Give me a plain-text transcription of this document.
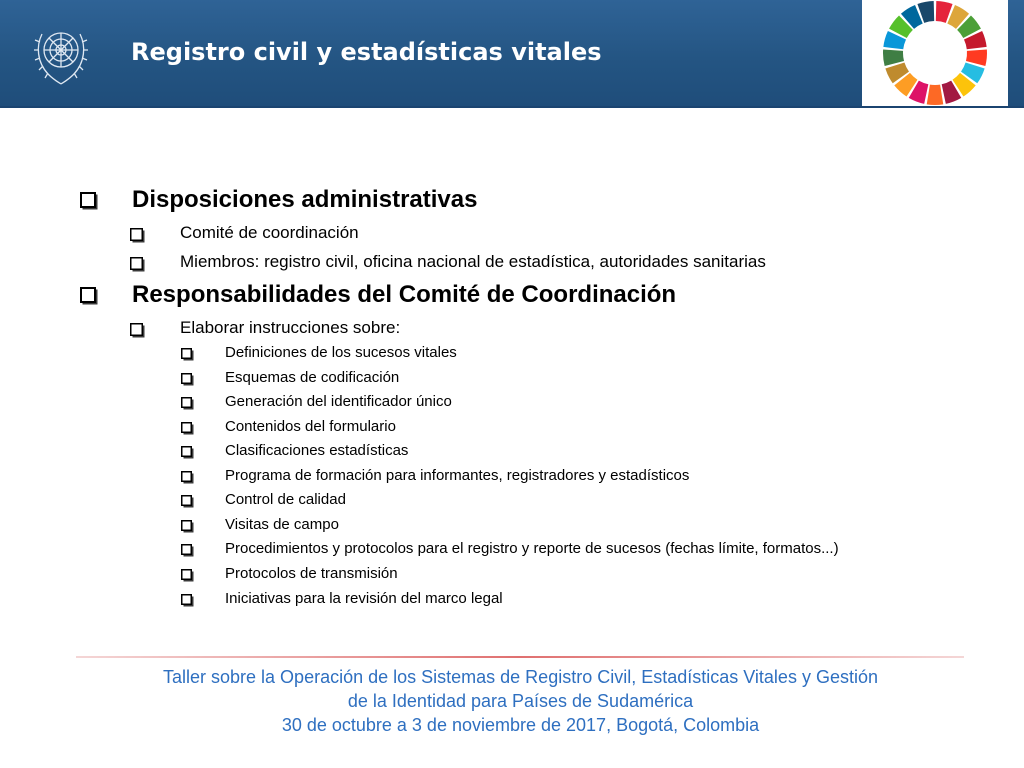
Registro civil y estadísticas vitales
Disposiciones administrativas
Comité de coordinación
Miembros: registro civil, oficina nacional de estadística, autoridades sanitarias
Responsabilidades del Comité de Coordinación
Elaborar instrucciones sobre:
Definiciones de los sucesos vitales
Esquemas de codificación
Generación del identificador único
Contenidos del formulario
Clasificaciones estadísticas
Programa de formación para informantes, registradores y estadísticos
Control de calidad
Visitas de campo
Procedimientos y protocolos para el registro y reporte de sucesos (fechas límite, formatos...)
Protocolos de transmisión
Iniciativas para la revisión del marco legal
Taller sobre la Operación de los Sistemas de Registro Civil, Estadísticas Vitales y Gestión
de la Identidad para Países de Sudamérica
30 de octubre a 3 de noviembre de 2017, Bogotá, Colombia
